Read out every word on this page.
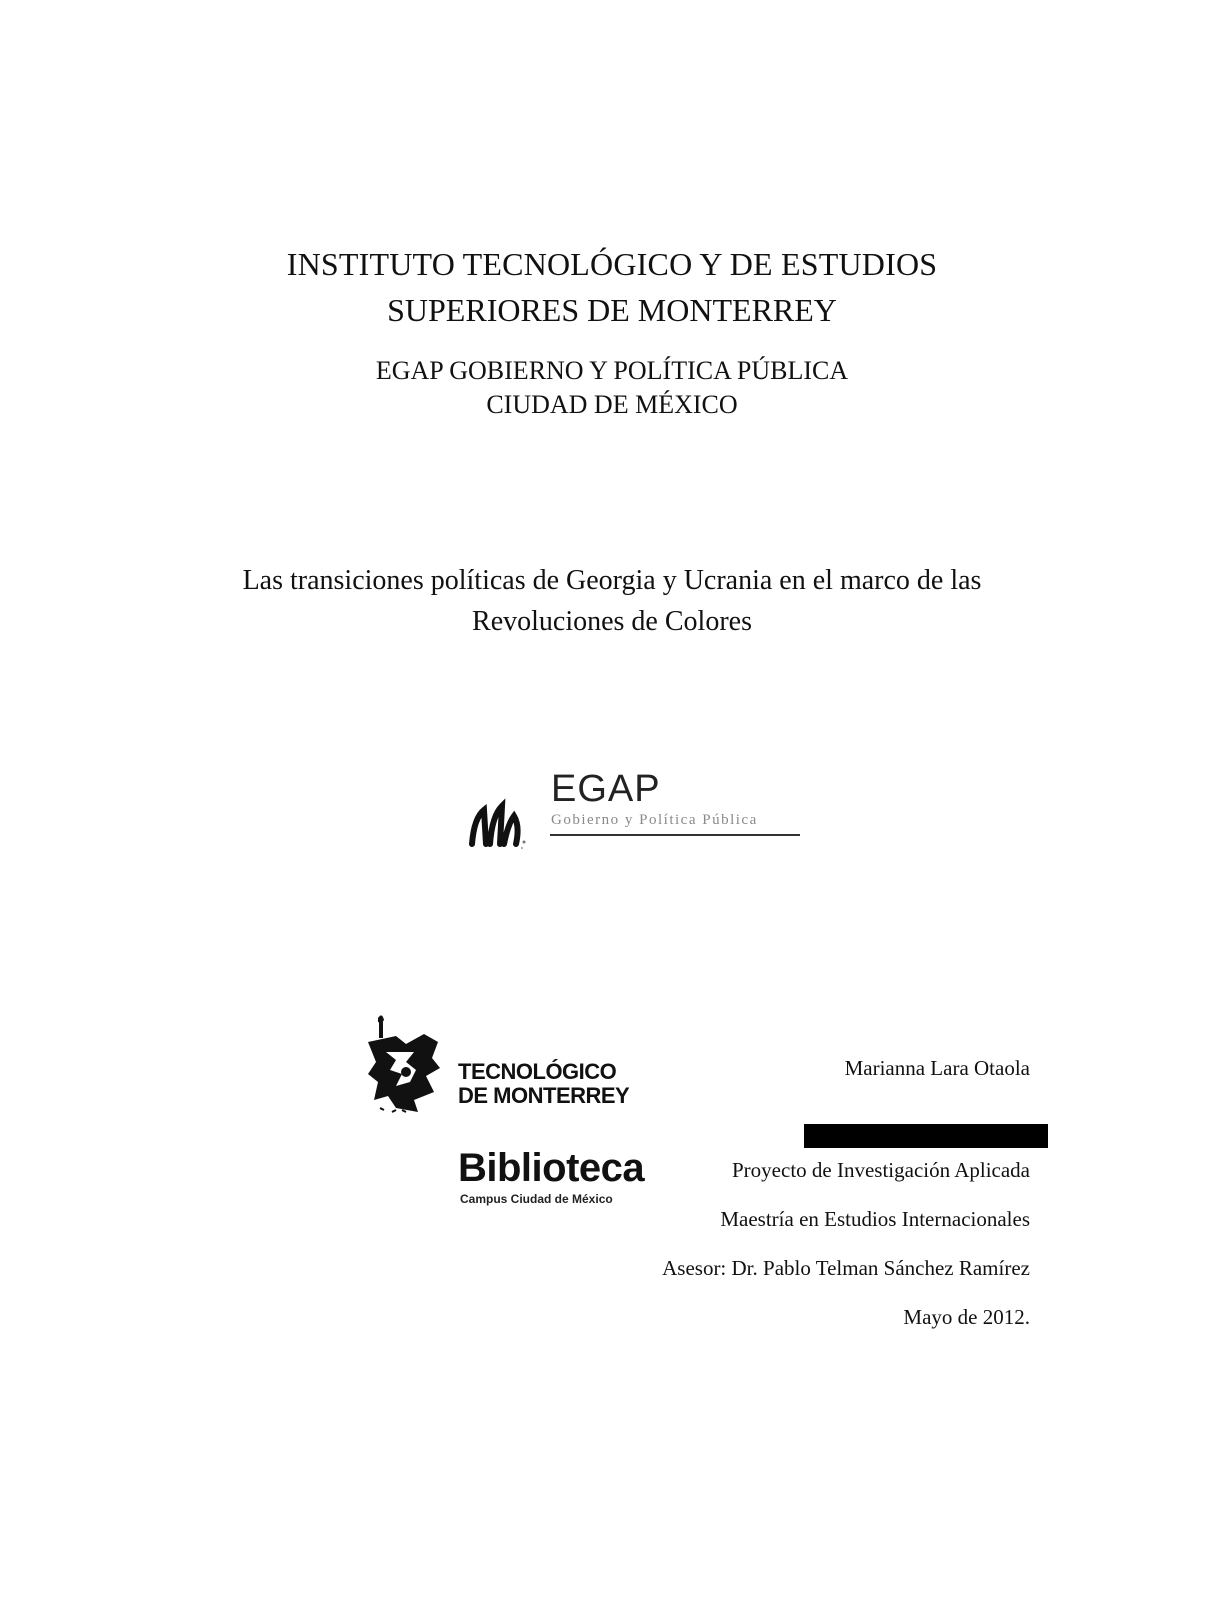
INSTITUTO TECNOLÓGICO Y DE ESTUDIOS
SUPERIORES DE MONTERREY
EGAP GOBIERNO Y POLÍTICA PÚBLICA
CIUDAD DE MÉXICO
Las transiciones políticas de Georgia y Ucrania en el marco de las
Revoluciones de Colores
EGAP
Gobierno y Política Pública
TECNOLÓGICO
DE MONTERREY
Biblioteca
Campus Ciudad de México
Marianna Lara Otaola
Proyecto de Investigación Aplicada
Maestría en Estudios Internacionales
Asesor: Dr. Pablo Telman Sánchez Ramírez
Mayo de 2012.
